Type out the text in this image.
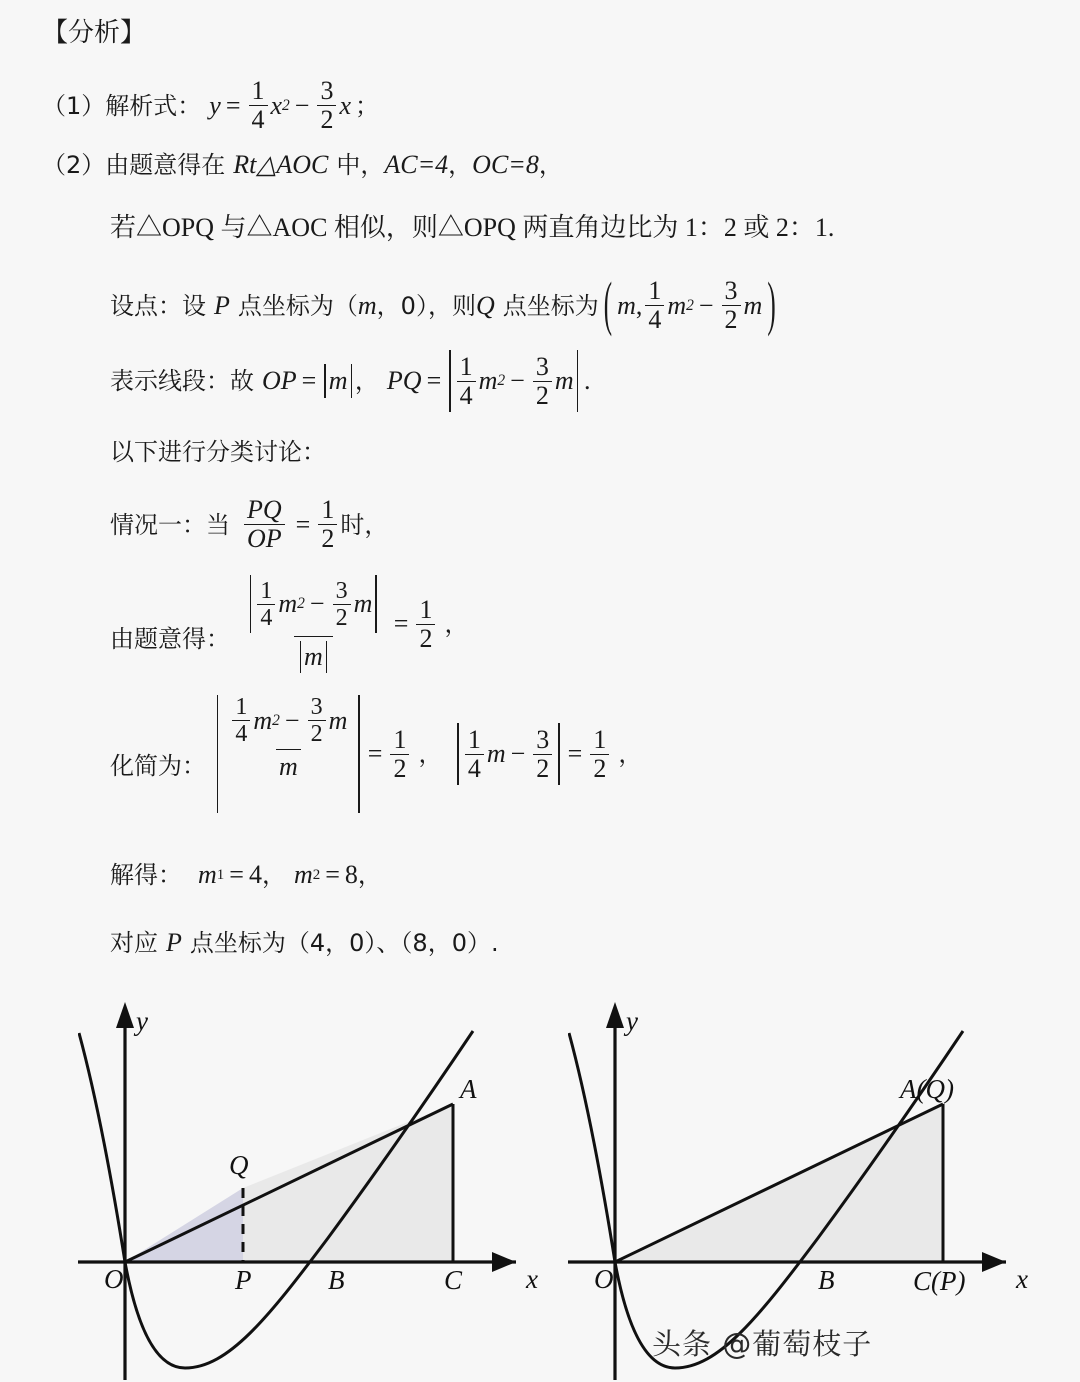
【分析】
（1）解析式： $y = \frac{1}{4}$ x $2 - \frac{3}{2}$ x ；
（2）由题意得在 Rt△AOC 中， AC=4 ， OC=8 ，
若△OPQ 与△AOC 相似，则△OPQ 两直角边比为 1：2 或 2：1.
设点：设 P 点坐标为（ m ，0），则 Q 点坐标为 ( m , $\frac{1}{4}$ m $2 - \frac{3}{2}$ m )
表示线段：故 OP = m ， PQ = $\frac{1}{4}$ m $2 - \frac{3}{2}$ m .
以下进行分类讨论：
情况一：当 $\frac{PQ}{OP} = \frac{1}{2}$ 时，
由题意得：
$\frac{1}{4}$ m $2 - \frac{3}{2}$ m
m
= $\frac{1}{2}$ ，
化简为：
$\frac{1}{4}$ m $2 - \frac{3}{2}$ m
m	= $\frac{1}{2}$ ， $\frac{1}{4}$ $m - \frac{3}{2} = \frac{1}{2}$ ，
解得： m 1 = 4 ， m 2 = 8 ，
对应 P 点坐标为（4，0）、（8，0）.
O	P	B	C
A
Q
x
y
O	B	C(P)
A(Q)
x
y
头条 @葡萄枝子
